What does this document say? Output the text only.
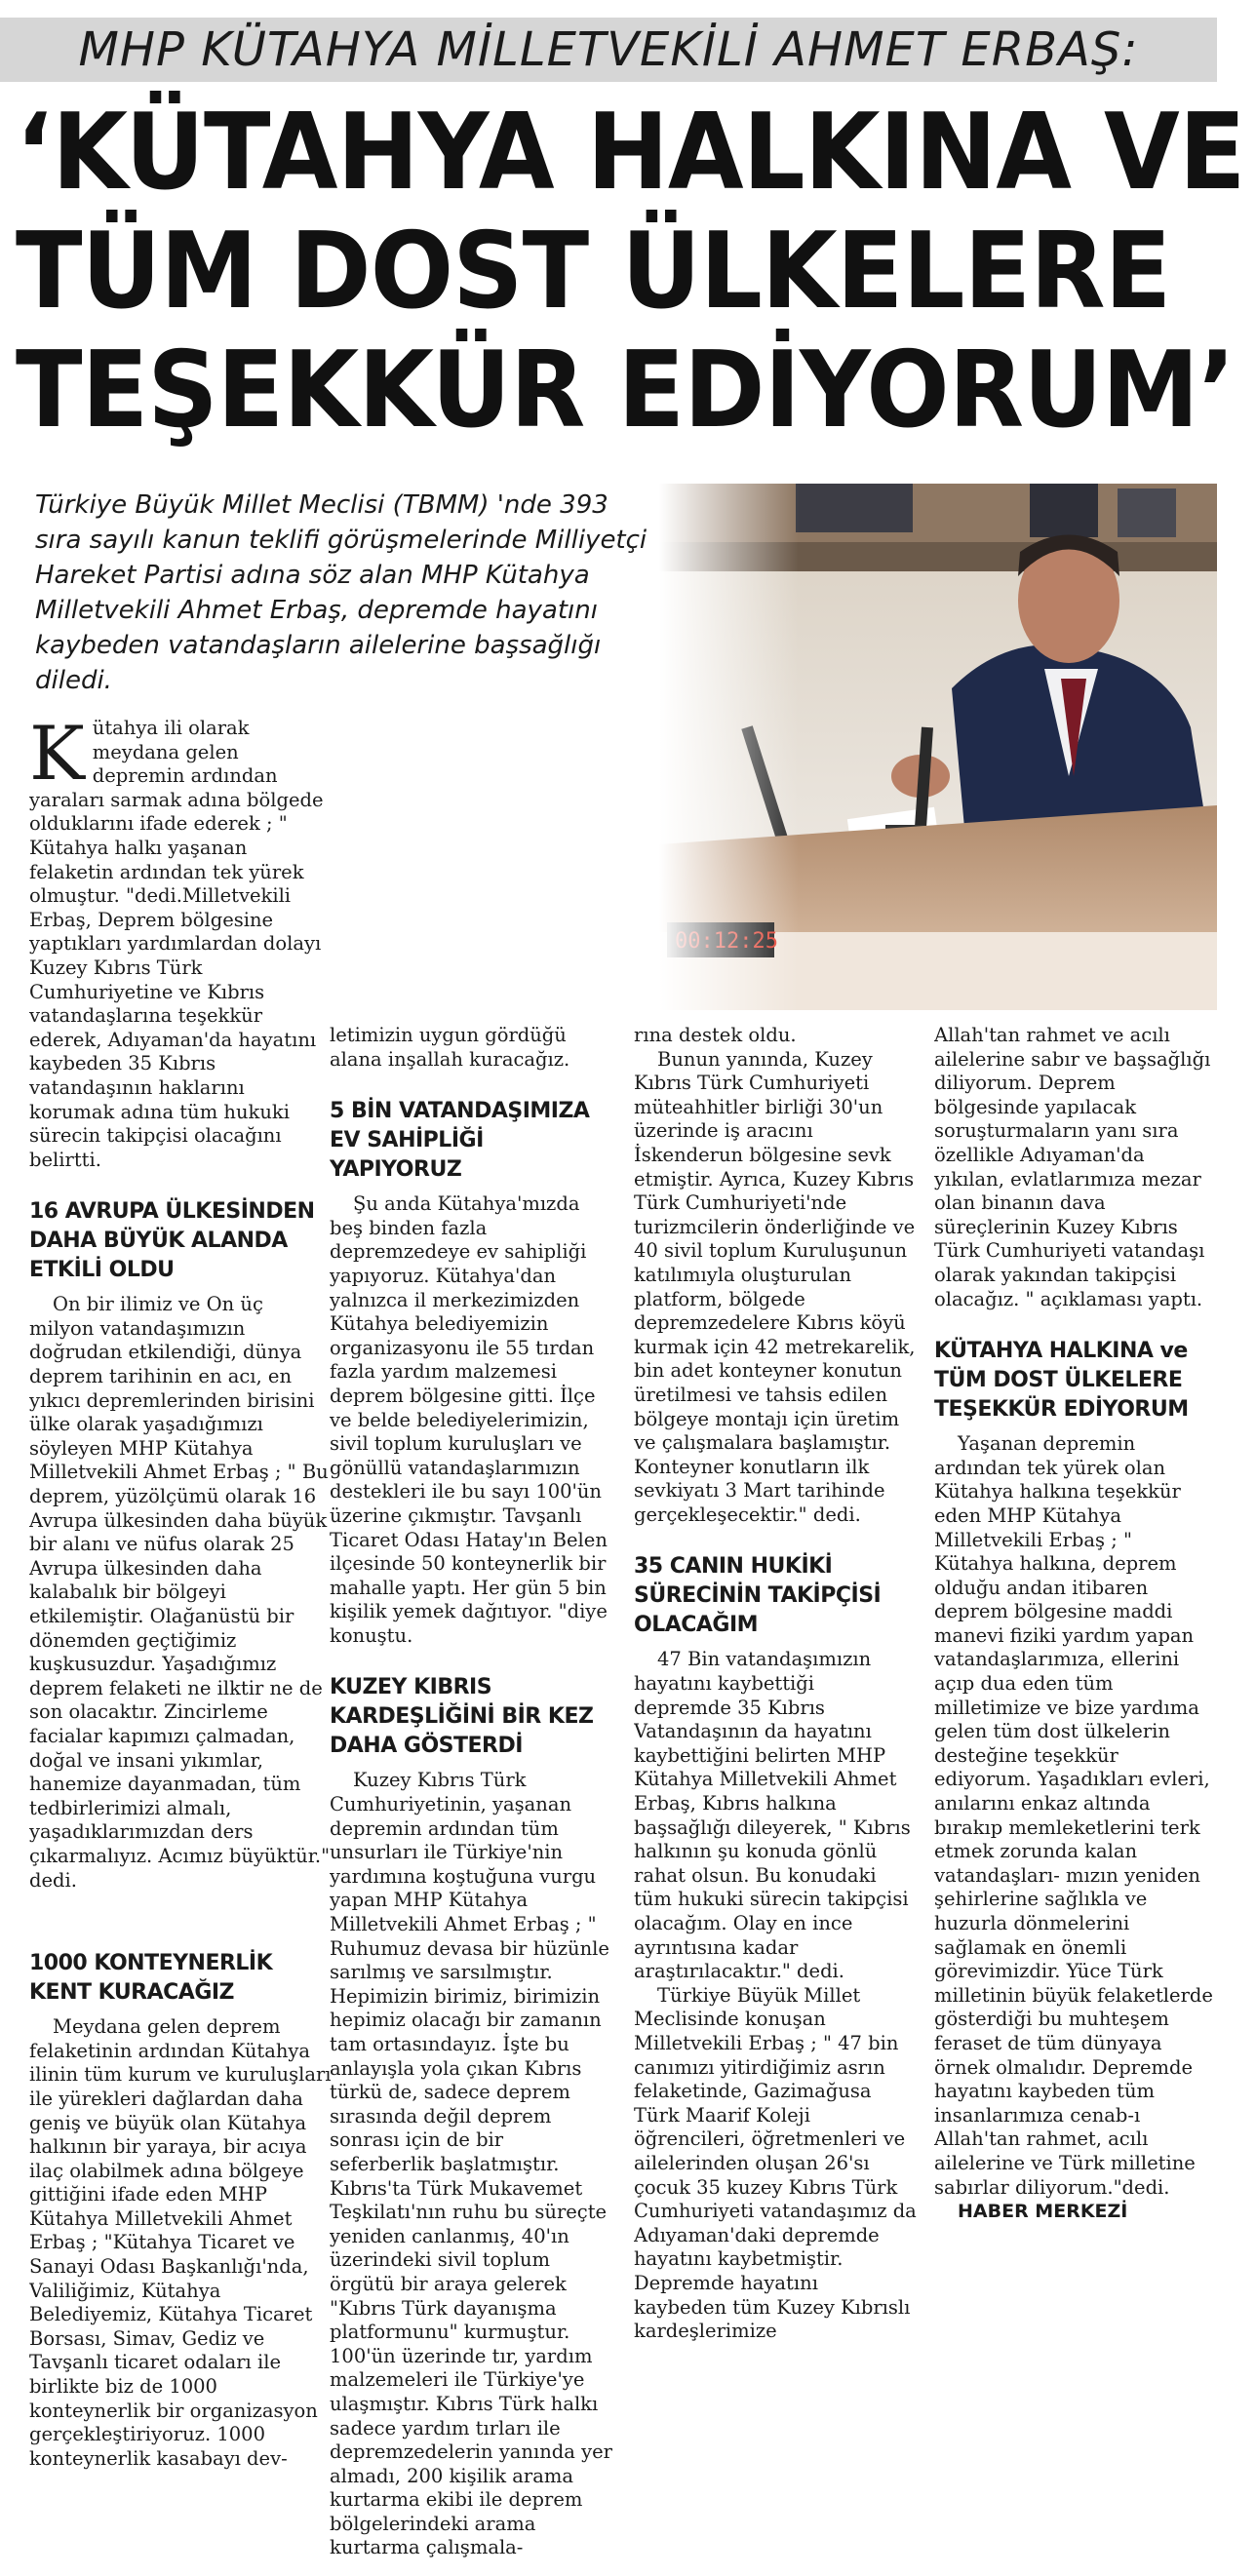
MHP KÜTAHYA MİLLETVEKİLİ AHMET ERBAŞ:
‘KÜTAHYA HALKINA VE
TÜM DOST ÜLKELERE
TEŞEKKÜR EDİYORUM’

Türkiye Büyük Millet Meclisi (TBMM) 'nde 393 sıra sayılı kanun teklifi görüşmelerinde Milliyetçi Hareket Partisi adına söz alan MHP Kütahya Milletvekili Ahmet Erbaş, depremde hayatını kaybeden vatandaşların ailelerine başsağlığı diledi.

Kütahya ili olarak meydana gelen depremin ardından yaraları sarmak adına bölgede olduklarını ifade ederek ; " Kütahya halkı yaşanan felaketin ardından tek yürek olmuştur. "dedi.Milletvekili Erbaş, Deprem bölgesine yaptıkları yardımlardan dolayı Kuzey Kıbrıs Türk Cumhuriyetine ve Kıbrıs vatandaşlarına teşekkür ederek, Adıyaman'da hayatını kaybeden 35 Kıbrıs vatandaşının haklarını korumak adına tüm hukuki sürecin takipçisi olacağını belirtti.

16 AVRUPA ÜLKESİNDEN DAHA BÜYÜK ALANDA ETKİLİ OLDU

On bir ilimiz ve On üç milyon vatandaşımızın doğrudan etkilendiği, dünya deprem tarihinin en acı, en yıkıcı depremlerinden birisini ülke olarak yaşadığımızı söyleyen MHP Kütahya Milletvekili Ahmet Erbaş ; " Bu deprem, yüzölçümü olarak 16 Avrupa ülkesinden daha büyük bir alanı ve nüfus olarak 25 Avrupa ülkesinden daha kalabalık bir bölgeyi etkilemiştir. Olağanüstü bir dönemden geçtiğimiz kuşkusuzdur. Yaşadığımız deprem felaketi ne ilktir ne de son olacaktır. Zincirleme facialar kapımızı çalmadan, doğal ve insani yıkımlar, hanemize dayanmadan, tüm tedbirlerimizi almalı, yaşadıklarımızdan ders çıkarmalıyız. Acımız büyüktür." dedi.

1000 KONTEYNERLİK KENT KURACAĞIZ

Meydana gelen deprem felaketinin ardından Kütahya ilinin tüm kurum ve kuruluşları ile yürekleri dağlardan daha geniş ve büyük olan Kütahya halkının bir yaraya, bir acıya ilaç olabilmek adına bölgeye gittiğini ifade eden MHP Kütahya Milletvekili Ahmet Erbaş ; "Kütahya Ticaret ve Sanayi Odası Başkanlığı'nda, Valiliğimiz, Kütahya Belediyemiz, Kütahya Ticaret Borsası, Simav, Gediz ve Tavşanlı ticaret odaları ile birlikte biz de 1000 konteynerlik bir organizasyon gerçekleştiriyoruz. 1000 konteynerlik kasabayı dev-

letimizin uygun gördüğü alana inşallah kuracağız.

5 BİN VATANDAŞIMIZA EV SAHİPLİĞİ YAPIYORUZ

Şu anda Kütahya'mızda beş binden fazla depremzedeye ev sahipliği yapıyoruz. Kütahya'dan yalnızca il merkezimizden Kütahya belediyemizin organizasyonu ile 55 tırdan fazla yardım malzemesi deprem bölgesine gitti. İlçe ve belde belediyelerimizin, sivil toplum kuruluşları ve gönüllü vatandaşlarımızın destekleri ile bu sayı 100'ün üzerine çıkmıştır. Tavşanlı Ticaret Odası Hatay'ın Belen ilçesinde 50 konteynerlik bir mahalle yaptı. Her gün 5 bin kişilik yemek dağıtıyor. "diye konuştu.

KUZEY KIBRIS KARDEŞLİĞİNİ BİR KEZ DAHA GÖSTERDİ

Kuzey Kıbrıs Türk Cumhuriyetinin, yaşanan depremin ardından tüm unsurları ile Türkiye'nin yardımına koştuğuna vurgu yapan MHP Kütahya Milletvekili Ahmet Erbaş ; " Ruhumuz devasa bir hüzünle sarılmış ve sarsılmıştır. Hepimizin birimiz, birimizin hepimiz olacağı bir zamanın tam ortasındayız. İşte bu anlayışla yola çıkan Kıbrıs türkü de, sadece deprem sırasında değil deprem sonrası için de bir seferberlik başlatmıştır. Kıbrıs'ta Türk Mukavemet Teşkilatı'nın ruhu bu süreçte yeniden canlanmış, 40'ın üzerindeki sivil toplum örgütü bir araya gelerek "Kıbrıs Türk dayanışma platformunu" kurmuştur. 100'ün üzerinde tır, yardım malzemeleri ile Türkiye'ye ulaşmıştır. Kıbrıs Türk halkı sadece yardım tırları ile depremzedelerin yanında yer almadı, 200 kişilik arama kurtarma ekibi ile deprem bölgelerindeki arama kurtarma çalışmala-

rına destek oldu.

Bunun yanında, Kuzey Kıbrıs Türk Cumhuriyeti müteahhitler birliği 30'un üzerinde iş aracını İskenderun bölgesine sevk etmiştir. Ayrıca, Kuzey Kıbrıs Türk Cumhuriyeti'nde turizmcilerin önderliğinde ve 40 sivil toplum Kuruluşunun katılımıyla oluşturulan platform, bölgede depremzedelere Kıbrıs köyü kurmak için 42 metrekarelik, bin adet konteyner konutun üretilmesi ve tahsis edilen bölgeye montajı için üretim ve çalışmalara başlamıştır. Konteyner konutların ilk sevkiyatı 3 Mart tarihinde gerçekleşecektir." dedi.

35 CANIN HUKİKİ SÜRECİNİN TAKİPÇİSİ OLACAĞIM

47 Bin vatandaşımızın hayatını kaybettiği depremde 35 Kıbrıs Vatandaşının da hayatını kaybettiğini belirten MHP Kütahya Milletvekili Ahmet Erbaş, Kıbrıs halkına başsağlığı dileyerek, " Kıbrıs halkının şu konuda gönlü rahat olsun. Bu konudaki tüm hukuki sürecin takipçisi olacağım. Olay en ince ayrıntısına kadar araştırılacaktır." dedi.

Türkiye Büyük Millet Meclisinde konuşan Milletvekili Erbaş ; " 47 bin canımızı yitirdiğimiz asrın felaketinde, Gazimağusa Türk Maarif Koleji öğrencileri, öğretmenleri ve ailelerinden oluşan 26'sı çocuk 35 kuzey Kıbrıs Türk Cumhuriyeti vatandaşımız da Adıyaman'daki depremde hayatını kaybetmiştir. Depremde hayatını kaybeden tüm Kuzey Kıbrıslı kardeşlerimize

Allah'tan rahmet ve acılı ailelerine sabır ve başsağlığı diliyorum. Deprem bölgesinde yapılacak soruşturmaların yanı sıra özellikle Adıyaman'da yıkılan, evlatlarımıza mezar olan binanın dava süreçlerinin Kuzey Kıbrıs Türk Cumhuriyeti vatandaşı olarak yakından takipçisi olacağız. " açıklaması yaptı.

KÜTAHYA HALKINA ve TÜM DOST ÜLKELERE TEŞEKKÜR EDİYORUM

Yaşanan depremin ardından tek yürek olan Kütahya halkına teşekkür eden MHP Kütahya Milletvekili Erbaş ; " Kütahya halkına, deprem olduğu andan itibaren deprem bölgesine maddi manevi fiziki yardım yapan vatandaşlarımıza, ellerini açıp dua eden tüm milletimize ve bize yardıma gelen tüm dost ülkelerin desteğine teşekkür ediyorum. Yaşadıkları evleri, anılarını enkaz altında bırakıp memleketlerini terk etmek zorunda kalan vatandaşları- mızın yeniden şehirlerine sağlıkla ve huzurla dönmelerini sağlamak en önemli görevimizdir. Yüce Türk milletinin büyük felaketlerde gösterdiği bu muhteşem feraset de tüm dünyaya örnek olmalıdır. Depremde hayatını kaybeden tüm insanlarımıza cenab-ı Allah'tan rahmet, acılı ailelerine ve Türk milletine sabırlar diliyorum."dedi.

HABER MERKEZİ
